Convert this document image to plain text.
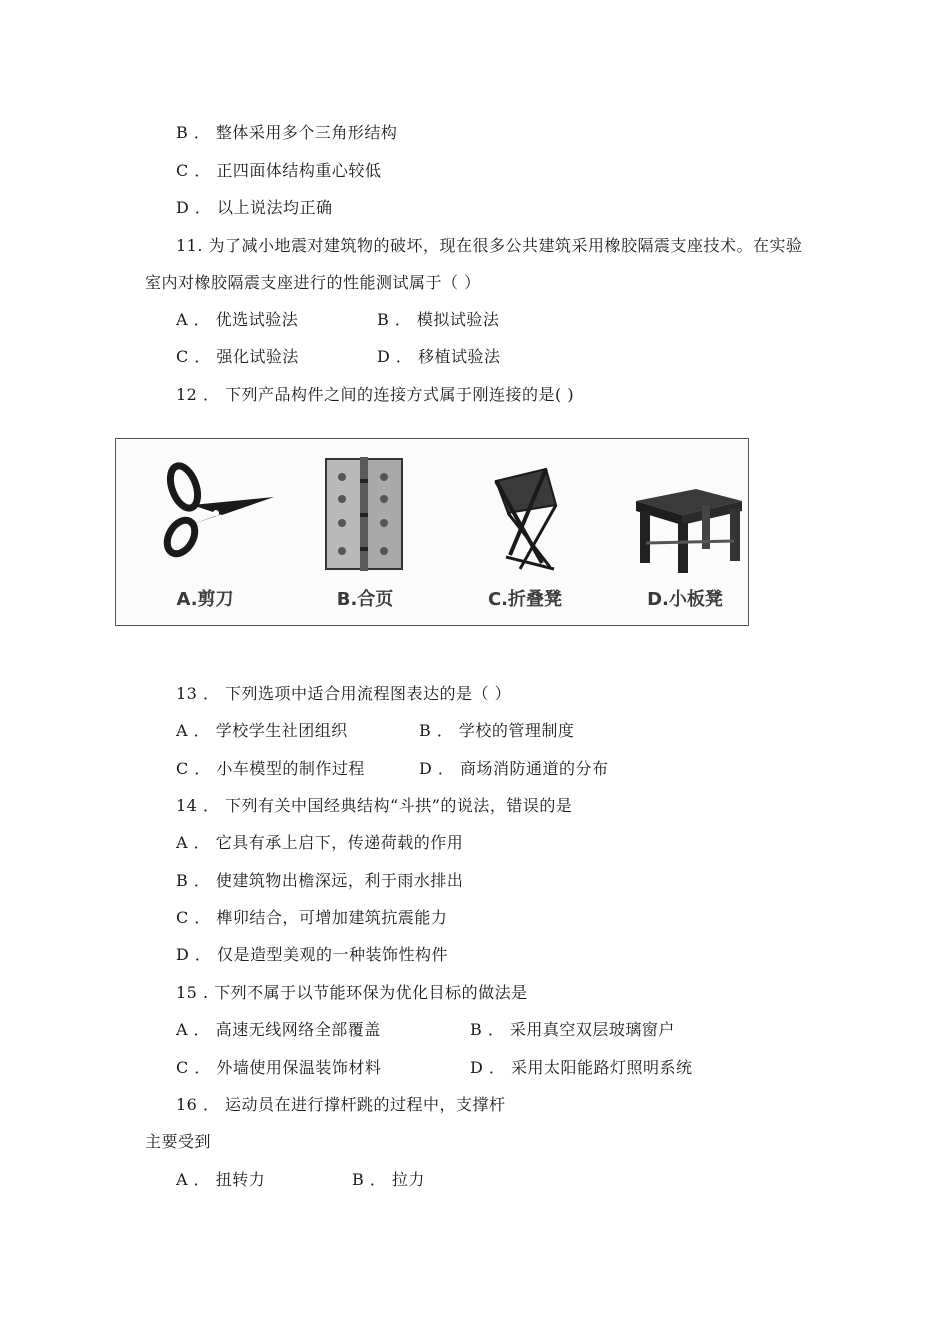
B ． 整体采用多个三角形结构
C ． 正四面体结构重心较低
D ． 以上说法均正确
11. 为了减小地震对建筑物的破坏，现在很多公共建筑采用橡胶隔震支座技术。在实验
室内对橡胶隔震支座进行的性能测试属于（ ）
A ． 优选试验法	B ． 模拟试验法
C ． 强化试验法	D ． 移植试验法
12 ． 下列产品构件之间的连接方式属于刚连接的是( )
A.剪刀	B.合页	C.折叠凳	D.小板凳
13 ． 下列选项中适合用流程图表达的是（ ）
A ． 学校学生社团组织	B ． 学校的管理制度
C ． 小车模型的制作过程	D ． 商场消防通道的分布
14 ． 下列有关中国经典结构“斗拱”的说法，错误的是
A ． 它具有承上启下，传递荷载的作用
B ． 使建筑物出檐深远，利于雨水排出
C ． 榫卯结合，可增加建筑抗震能力
D ． 仅是造型美观的一种装饰性构件
15 . 下列不属于以节能环保为优化目标的做法是
A ． 高速无线网络全部覆盖	B ． 采用真空双层玻璃窗户
C ． 外墙使用保温装饰材料	D ． 采用太阳能路灯照明系统
16 ． 运动员在进行撑杆跳的过程中，支撑杆
主要受到
A ． 扭转力	B ． 拉力
